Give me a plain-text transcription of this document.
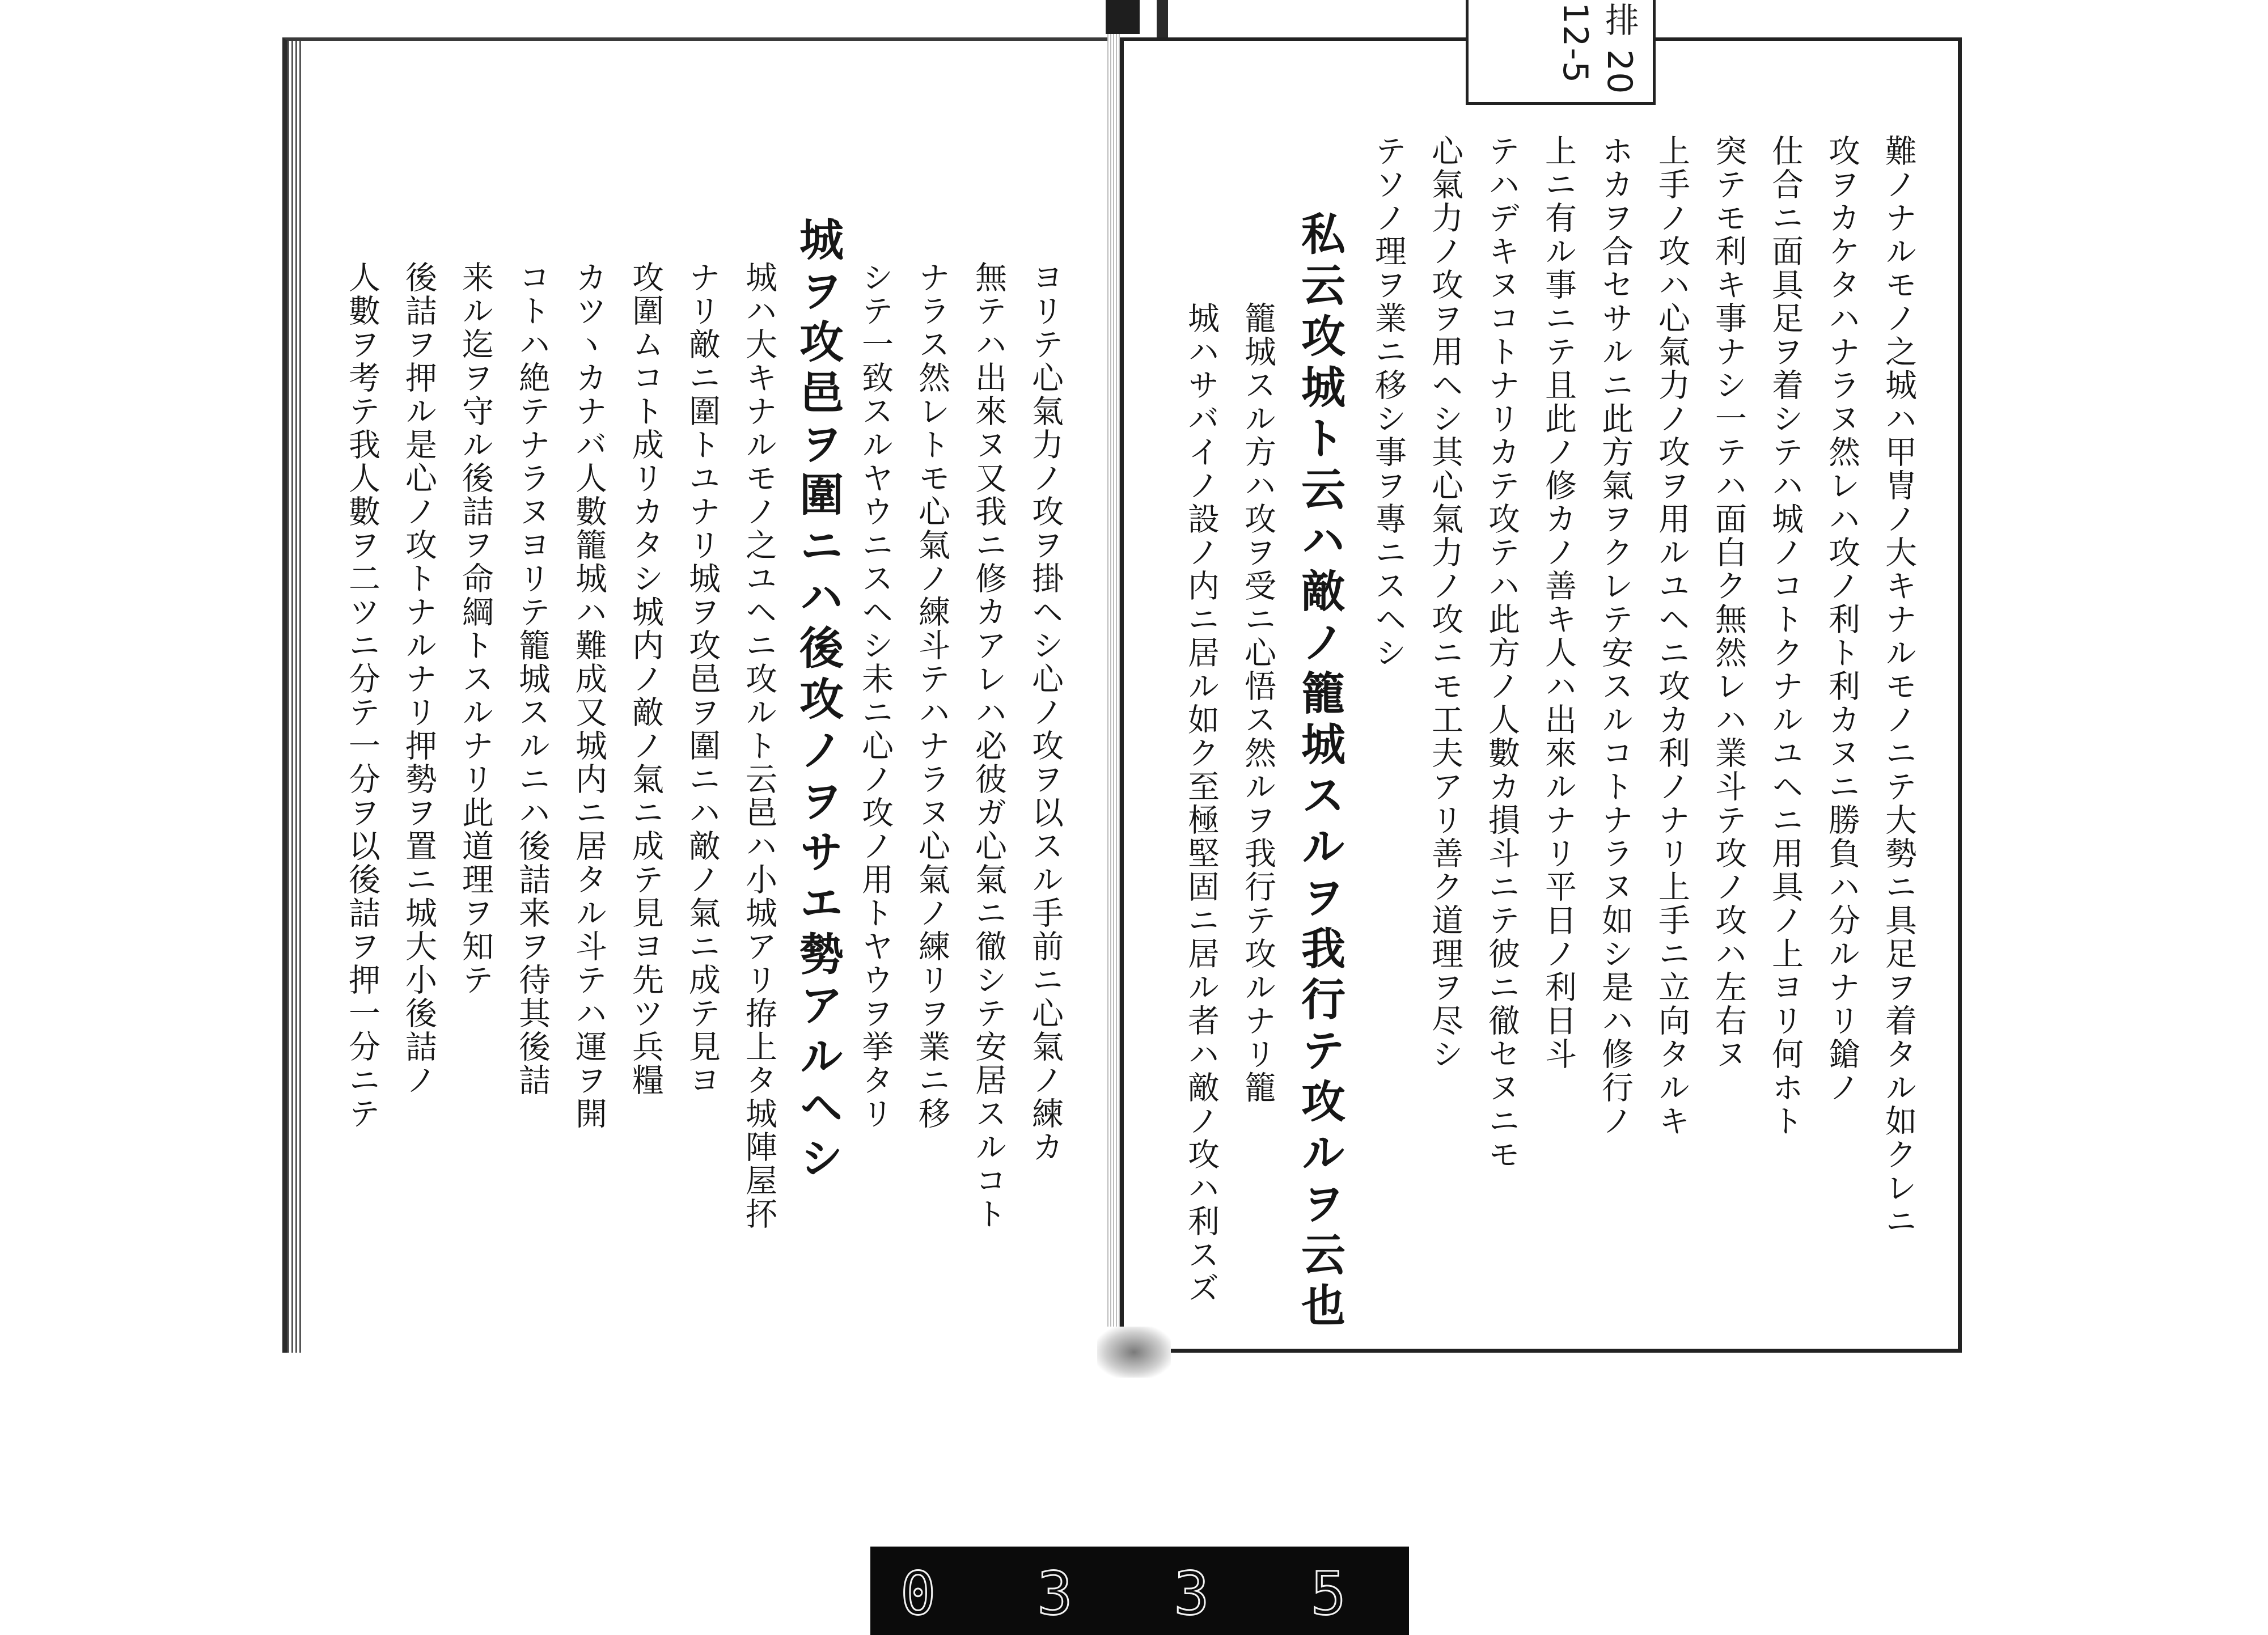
ヨリテ心氣力ノ攻ヲ掛ヘシ心ノ攻ヲ以スル手前ニ心氣ノ練カ
無テハ出來ヌ又我ニ修カアレハ必彼ガ心氣ニ徹シテ安居スルコト
ナラス然レトモ心氣ノ練斗テハナラヌ心氣ノ練リヲ業ニ移
シテ一致スルヤウニスヘシ未ニ心ノ攻ノ用トヤウヲ挙タリ
城ヲ攻邑ヲ圍ニハ後攻ノヲサエ勢アルヘシ
城ハ大キナルモノ之ユヘニ攻ルト云邑ハ小城アリ拵上タ城陣屋抔
ナリ敵ニ圍トユナリ城ヲ攻邑ヲ圍ニハ敵ノ氣ニ成テ見ヨ
攻圍ムコト成リカタシ城内ノ敵ノ氣ニ成テ見ヨ先ツ兵糧
カツヽカナバ人數籠城ハ難成又城内ニ居タル斗テハ運ヲ開
コトハ絶テナラヌヨリテ籠城スルニハ後詰来ヲ待其後詰
来ル迄ヲ守ル後詰ヲ命綱トスルナリ此道理ヲ知テ
後詰ヲ押ル是心ノ攻トナルナリ押勢ヲ置ニ城大小後詰ノ
人數ヲ考テ我人數ヲ二ツニ分テ一分ヲ以後詰ヲ押一分ニテ	難ノナルモノ之城ハ甲冑ノ大キナルモノニテ大勢ニ具足ヲ着タル如クレニ
攻ヲカケタハナラヌ然レハ攻ノ利ト利カヌニ勝負ハ分ルナリ鎗ノ
仕合ニ面具足ヲ着シテハ城ノコトクナルユヘニ用具ノ上ヨリ何ホト
突テモ利キ事ナシ一テハ面白ク無然レハ業斗テ攻ノ攻ハ左右ヌ
上手ノ攻ハ心氣力ノ攻ヲ用ルユヘニ攻カ利ノナリ上手ニ立向タルキ
ホカヲ合セサルニ此方氣ヲクレテ安スルコトナラヌ如シ是ハ修行ノ
上ニ有ル事ニテ且此ノ修カノ善キ人ハ出來ルナリ平日ノ利日斗
テハデキヌコトナリカテ攻テハ此方ノ人數カ損斗ニテ彼ニ徹セヌニモ
心氣力ノ攻ヲ用ヘシ其心氣力ノ攻ニモ工夫アリ善ク道理ヲ尽シ
テソノ理ヲ業ニ移シ事ヲ專ニスヘシ
私云攻城ト云ハ敵ノ籠城スルヲ我行テ攻ルヲ云也
籠城スル方ハ攻ヲ受ニ心悟ス然ルヲ我行テ攻ルナリ籠
城ハサバイノ設ノ内ニ居ル如ク至極堅固ニ居ル者ハ敵ノ攻ハ利スズ
排 20 12-5
0 3 3 5
